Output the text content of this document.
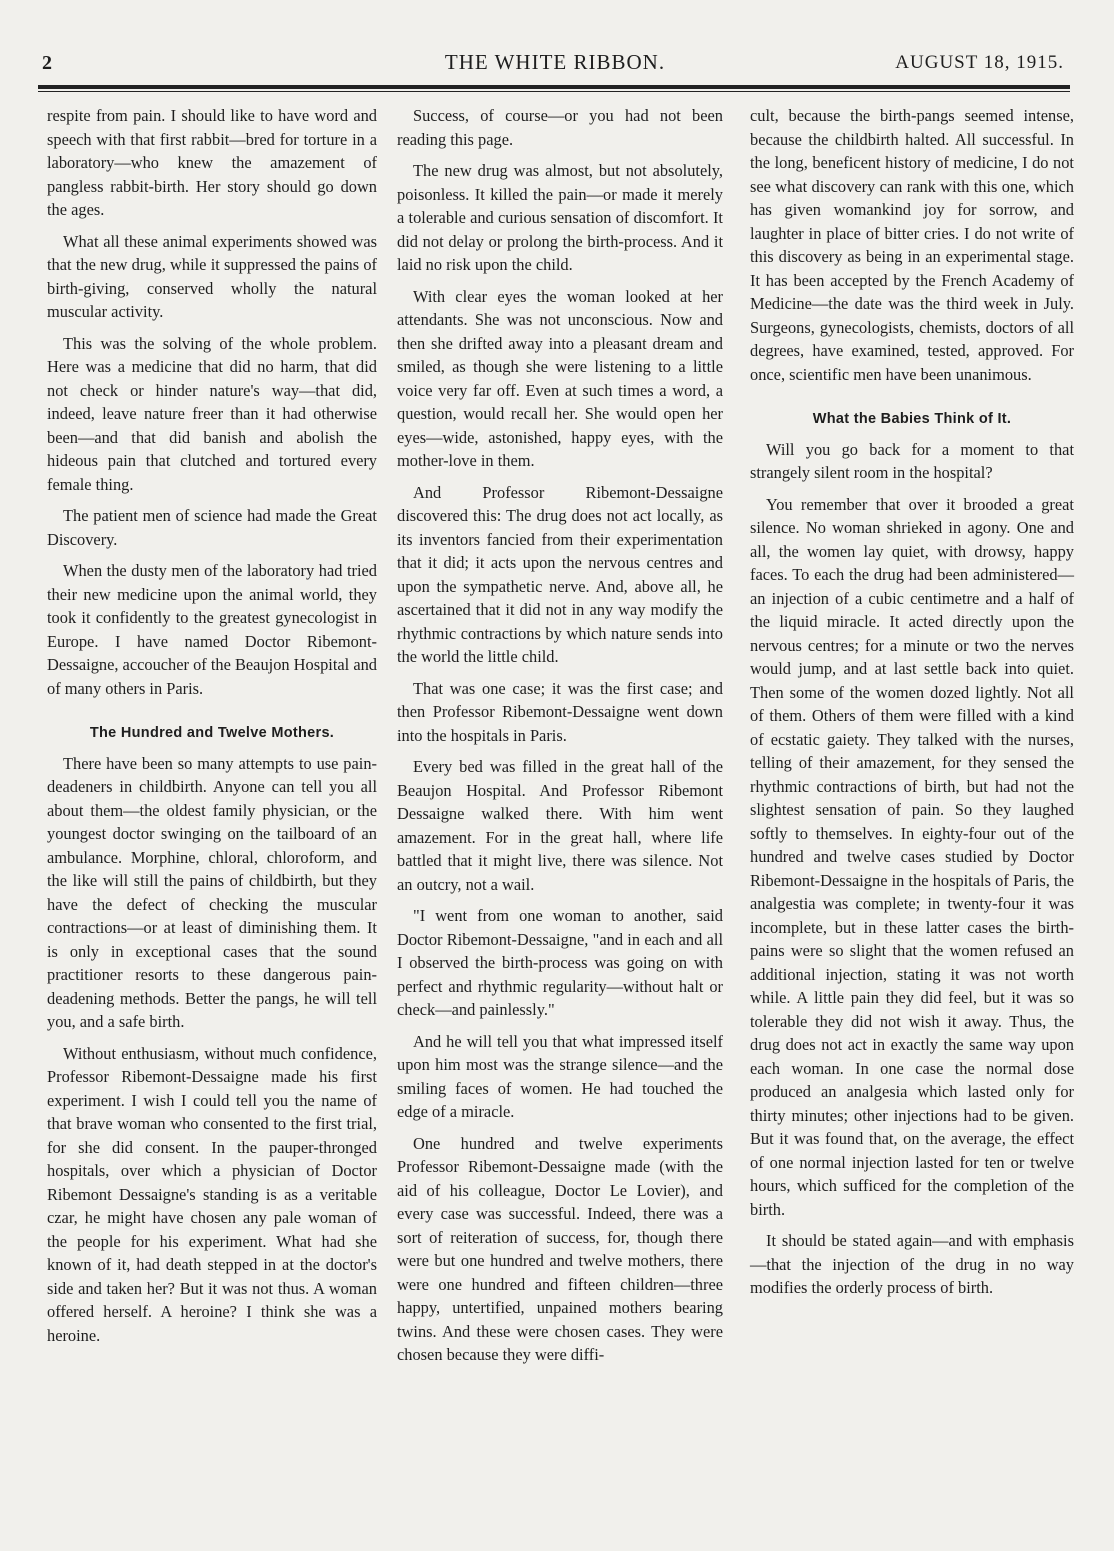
2	THE WHITE RIBBON.	AUGUST 18, 1915.

respite from pain. I should like to have word and speech with that first rabbit—bred for torture in a laboratory—who knew the amazement of pangless rabbit-birth. Her story should go down the ages.

What all these animal experiments showed was that the new drug, while it suppressed the pains of birth-giving, conserved wholly the natural muscular activity.

This was the solving of the whole problem. Here was a medicine that did no harm, that did not check or hinder nature's way—that did, indeed, leave nature freer than it had otherwise been—and that did banish and abolish the hideous pain that clutched and tortured every female thing.

The patient men of science had made the Great Discovery.

When the dusty men of the laboratory had tried their new medicine upon the animal world, they took it confidently to the greatest gynecologist in Europe. I have named Doctor Ribemont-Dessaigne, accoucher of the Beaujon Hospital and of many others in Paris.

The Hundred and Twelve Mothers.

There have been so many attempts to use pain-deadeners in childbirth. Anyone can tell you all about them—the oldest family physician, or the youngest doctor swinging on the tailboard of an ambulance. Morphine, chloral, chloroform, and the like will still the pains of childbirth, but they have the defect of checking the muscular contractions—or at least of diminishing them. It is only in exceptional cases that the sound practitioner resorts to these dangerous pain-deadening methods. Better the pangs, he will tell you, and a safe birth.

Without enthusiasm, without much confidence, Professor Ribemont-Dessaigne made his first experiment. I wish I could tell you the name of that brave woman who consented to the first trial, for she did consent. In the pauper-thronged hospitals, over which a physician of Doctor Ribemont Dessaigne's standing is as a veritable czar, he might have chosen any pale woman of the people for his experiment. What had she known of it, had death stepped in at the doctor's side and taken her? But it was not thus. A woman offered herself. A heroine? I think she was a heroine.

Success, of course—or you had not been reading this page.

The new drug was almost, but not absolutely, poisonless. It killed the pain—or made it merely a tolerable and curious sensation of discomfort. It did not delay or prolong the birth-process. And it laid no risk upon the child.

With clear eyes the woman looked at her attendants. She was not unconscious. Now and then she drifted away into a pleasant dream and smiled, as though she were listening to a little voice very far off. Even at such times a word, a question, would recall her. She would open her eyes—wide, astonished, happy eyes, with the mother-love in them.

And Professor Ribemont-Dessaigne discovered this: The drug does not act locally, as its inventors fancied from their experimentation that it did; it acts upon the nervous centres and upon the sympathetic nerve. And, above all, he ascertained that it did not in any way modify the rhythmic contractions by which nature sends into the world the little child.

That was one case; it was the first case; and then Professor Ribemont-Dessaigne went down into the hospitals in Paris.

Every bed was filled in the great hall of the Beaujon Hospital. And Professor Ribemont Dessaigne walked there. With him went amazement. For in the great hall, where life battled that it might live, there was silence. Not an outcry, not a wail.

"I went from one woman to another, said Doctor Ribemont-Dessaigne, "and in each and all I observed the birth-process was going on with perfect and rhythmic regularity—without halt or check—and painlessly."

And he will tell you that what impressed itself upon him most was the strange silence—and the smiling faces of women. He had touched the edge of a miracle.

One hundred and twelve experiments Professor Ribemont-Dessaigne made (with the aid of his colleague, Doctor Le Lovier), and every case was successful. Indeed, there was a sort of reiteration of success, for, though there were but one hundred and twelve mothers, there were one hundred and fifteen children—three happy, untertified, unpained mothers bearing twins. And these were chosen cases. They were chosen because they were diffi-

cult, because the birth-pangs seemed intense, because the childbirth halted. All successful. In the long, beneficent history of medicine, I do not see what discovery can rank with this one, which has given womankind joy for sorrow, and laughter in place of bitter cries. I do not write of this discovery as being in an experimental stage. It has been accepted by the French Academy of Medicine—the date was the third week in July. Surgeons, gynecologists, chemists, doctors of all degrees, have examined, tested, approved. For once, scientific men have been unanimous.

What the Babies Think of It.

Will you go back for a moment to that strangely silent room in the hospital?

You remember that over it brooded a great silence. No woman shrieked in agony. One and all, the women lay quiet, with drowsy, happy faces. To each the drug had been administered—an injection of a cubic centimetre and a half of the liquid miracle. It acted directly upon the nervous centres; for a minute or two the nerves would jump, and at last settle back into quiet. Then some of the women dozed lightly. Not all of them. Others of them were filled with a kind of ecstatic gaiety. They talked with the nurses, telling of their amazement, for they sensed the rhythmic contractions of birth, but had not the slightest sensation of pain. So they laughed softly to themselves. In eighty-four out of the hundred and twelve cases studied by Doctor Ribemont-Dessaigne in the hospitals of Paris, the analgestia was complete; in twenty-four it was incomplete, but in these latter cases the birth-pains were so slight that the women refused an additional injection, stating it was not worth while. A little pain they did feel, but it was so tolerable they did not wish it away. Thus, the drug does not act in exactly the same way upon each woman. In one case the normal dose produced an analgesia which lasted only for thirty minutes; other injections had to be given. But it was found that, on the average, the effect of one normal injection lasted for ten or twelve hours, which sufficed for the completion of the birth.

It should be stated again—and with emphasis—that the injection of the drug in no way modifies the orderly process of birth.
